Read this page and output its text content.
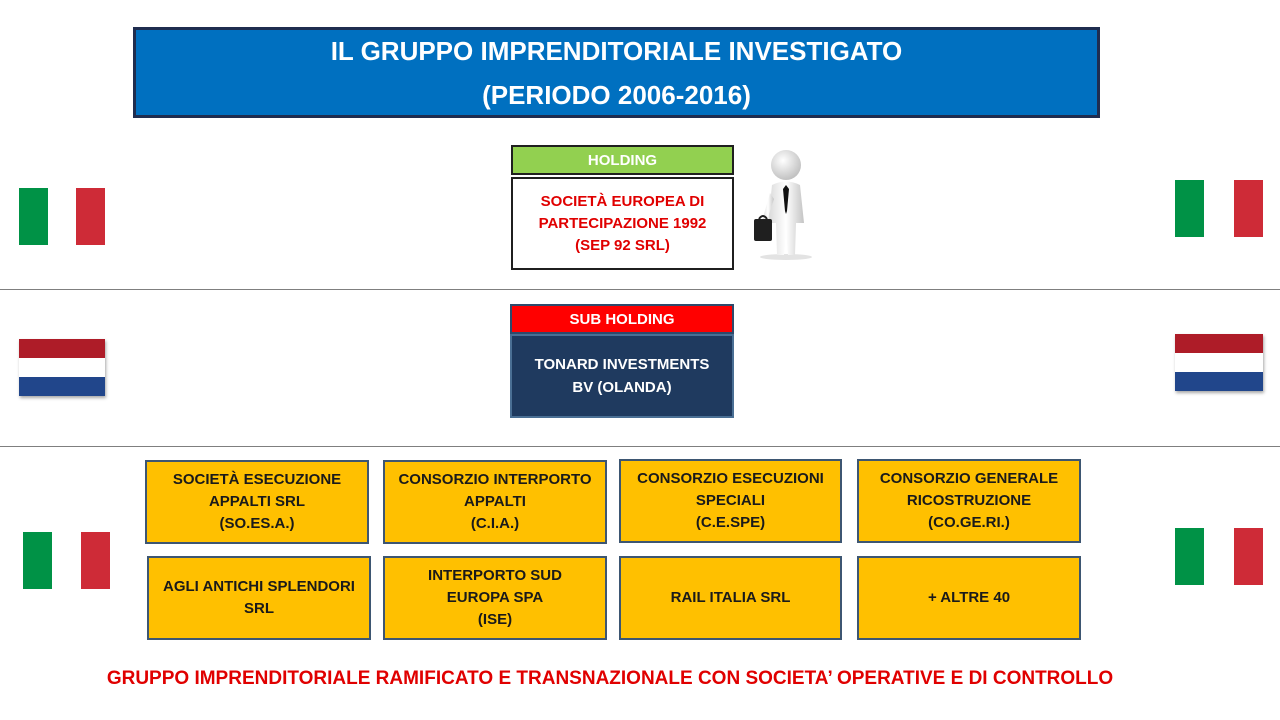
IL GRUPPO IMPRENDITORIALE INVESTIGATO
(PERIODO 2006-2016)
HOLDING
SOCIETÀ EUROPEA DI
PARTECIPAZIONE 1992
(SEP 92 SRL)
SUB HOLDING
TONARD INVESTMENTS
BV (OLANDA)
SOCIETÀ ESECUZIONE
APPALTI SRL
(SO.ES.A.)
CONSORZIO INTERPORTO
APPALTI
(C.I.A.)
CONSORZIO ESECUZIONI
SPECIALI
(C.E.SPE)
CONSORZIO GENERALE
RICOSTRUZIONE
(CO.GE.RI.)
AGLI ANTICHI SPLENDORI
SRL
INTERPORTO SUD
EUROPA SPA
(ISE)
RAIL ITALIA SRL	+ ALTRE 40
GRUPPO IMPRENDITORIALE RAMIFICATO E TRANSNAZIONALE CON SOCIETA’ OPERATIVE E DI CONTROLLO
